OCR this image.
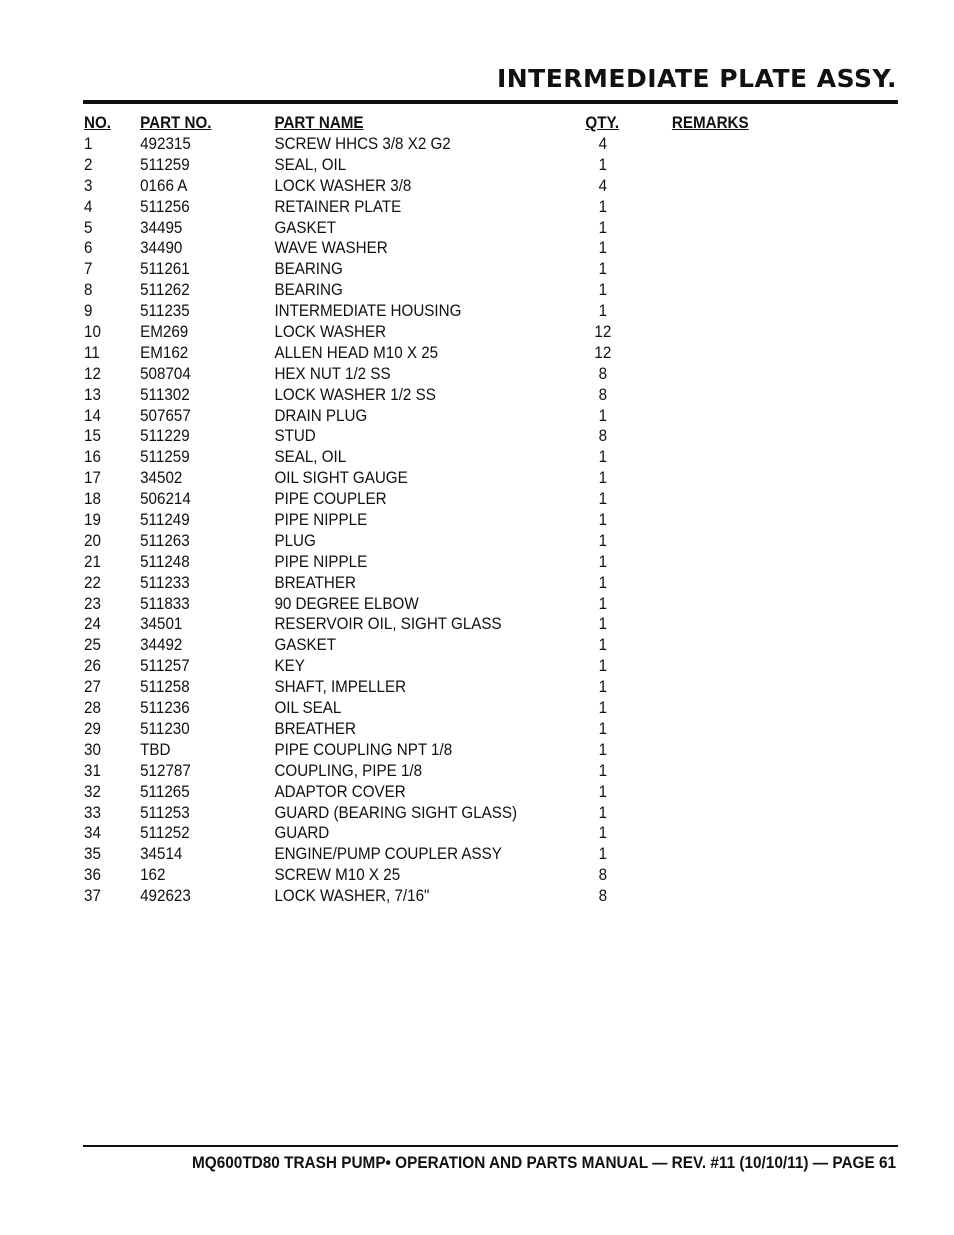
INTERMEDIATE PLATE ASSY.
NO. PART NO.	PART NAME	QTY.	REMARKS
1	492315	SCREW HHCS 3/8 X2 G2	4
2	511259	SEAL, OIL	1
3	0166 A	LOCK WASHER 3/8	4
4	511256	RETAINER PLATE	1
5	34495	GASKET	1
6	34490	WAVE WASHER	1
7	511261	BEARING	1
8	511262	BEARING	1
9	511235	INTERMEDIATE HOUSING	1
10 EM269	LOCK WASHER	12
11 EM162	ALLEN HEAD M10 X 25	12
12 508704	HEX NUT 1/2 SS	8
13 511302	LOCK WASHER 1/2 SS	8
14 507657	DRAIN PLUG	1
15 511229	STUD	8
16 511259	SEAL, OIL	1
17 34502	OIL SIGHT GAUGE	1
18 506214	PIPE COUPLER	1
19 511249	PIPE NIPPLE	1
20 511263	PLUG	1
21 511248	PIPE NIPPLE	1
22 511233	BREATHER	1
23 511833	90 DEGREE ELBOW	1
24 34501	RESERVOIR OIL, SIGHT GLASS	1
25 34492	GASKET	1
26 511257	KEY	1
27 511258	SHAFT, IMPELLER	1
28 511236	OIL SEAL	1
29 511230	BREATHER	1
30 TBD	PIPE COUPLING NPT 1/8	1
31 512787	COUPLING, PIPE 1/8	1
32 511265	ADAPTOR COVER	1
33 511253	GUARD (BEARING SIGHT GLASS)	1
34 511252	GUARD	1
35 34514	ENGINE/PUMP COUPLER ASSY	1
36 162	SCREW M10 X 25	8
37 492623	LOCK WASHER, 7/16"	8
MQ600TD80 TRASH PUMP• OPERATION AND PARTS MANUAL — REV. #11 (10/10/11) — PAGE 61
